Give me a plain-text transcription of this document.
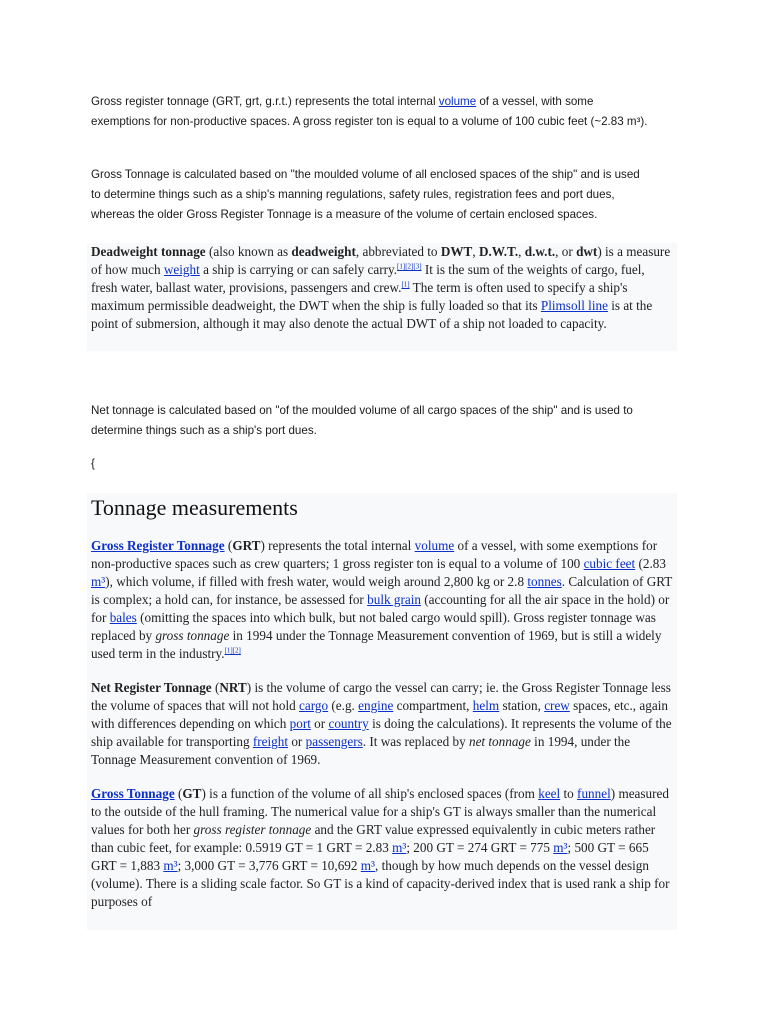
Gross register tonnage (GRT, grt, g.r.t.) represents the total internal volume of a vessel, with some exemptions for non-productive spaces. A gross register ton is equal to a volume of 100 cubic feet (~2.83 m³).

Gross Tonnage is calculated based on "the moulded volume of all enclosed spaces of the ship" and is used to determine things such as a ship's manning regulations, safety rules, registration fees and port dues, whereas the older Gross Register Tonnage is a measure of the volume of certain enclosed spaces.

Deadweight tonnage (also known as deadweight, abbreviated to DWT, D.W.T., d.w.t., or dwt) is a measure of how much weight a ship is carrying or can safely carry.[1][2][3] It is the sum of the weights of cargo, fuel, fresh water, ballast water, provisions, passengers and crew.[1] The term is often used to specify a ship's maximum permissible deadweight, the DWT when the ship is fully loaded so that its Plimsoll line is at the point of submersion, although it may also denote the actual DWT of a ship not loaded to capacity.

Net tonnage is calculated based on "of the moulded volume of all cargo spaces of the ship" and is used to determine things such as a ship's port dues.

{

Tonnage measurements

Gross Register Tonnage (GRT) represents the total internal volume of a vessel, with some exemptions for non-productive spaces such as crew quarters; 1 gross register ton is equal to a volume of 100 cubic feet (2.83 m³), which volume, if filled with fresh water, would weigh around 2,800 kg or 2.8 tonnes. Calculation of GRT is complex; a hold can, for instance, be assessed for bulk grain (accounting for all the air space in the hold) or for bales (omitting the spaces into which bulk, but not baled cargo would spill). Gross register tonnage was replaced by gross tonnage in 1994 under the Tonnage Measurement convention of 1969, but is still a widely used term in the industry.[1][2]

Net Register Tonnage (NRT) is the volume of cargo the vessel can carry; ie. the Gross Register Tonnage less the volume of spaces that will not hold cargo (e.g. engine compartment, helm station, crew spaces, etc., again with differences depending on which port or country is doing the calculations). It represents the volume of the ship available for transporting freight or passengers. It was replaced by net tonnage in 1994, under the Tonnage Measurement convention of 1969.

Gross Tonnage (GT) is a function of the volume of all ship's enclosed spaces (from keel to funnel) measured to the outside of the hull framing. The numerical value for a ship's GT is always smaller than the numerical values for both her gross register tonnage and the GRT value expressed equivalently in cubic meters rather than cubic feet, for example: 0.5919 GT = 1 GRT = 2.83 m³; 200 GT = 274 GRT = 775 m³; 500 GT = 665 GRT = 1,883 m³; 3,000 GT = 3,776 GRT = 10,692 m³, though by how much depends on the vessel design (volume). There is a sliding scale factor. So GT is a kind of capacity-derived index that is used rank a ship for purposes of
